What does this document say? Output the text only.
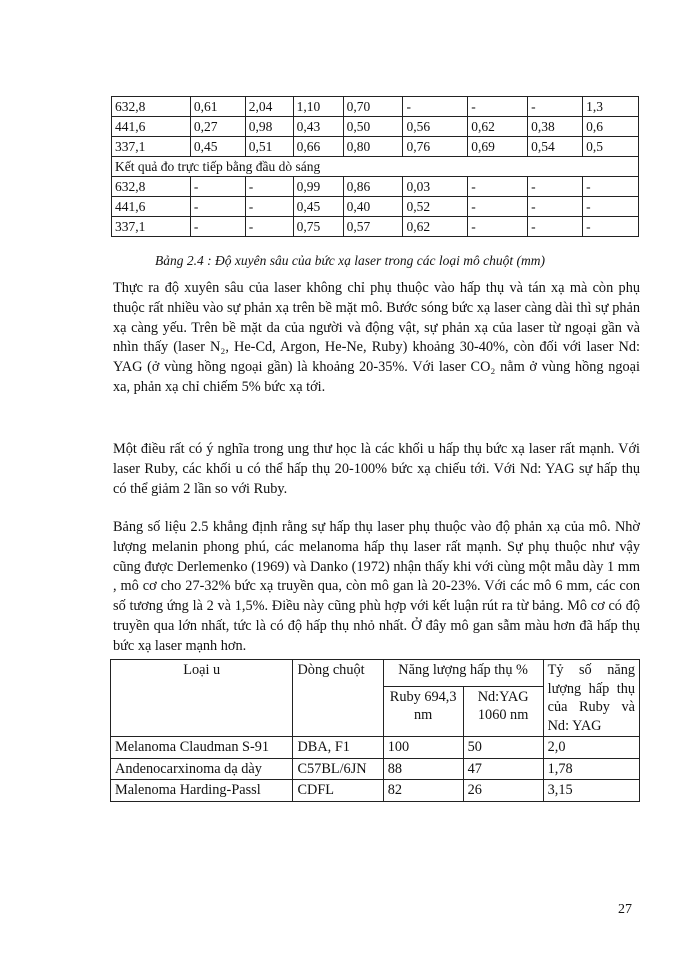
632,8	0,61	2,04	1,10	0,70	-	-	-	1,3
441,6	0,27	0,98	0,43	0,50	0,56	0,62	0,38	0,6
337,1	0,45	0,51	0,66	0,80	0,76	0,69	0,54	0,5
Kết quả đo trực tiếp bằng đầu dò sáng								
632,8	-	-	0,99	0,86	0,03	-	-	-
441,6	-	-	0,45	0,40	0,52	-	-	-
337,1	-	-	0,75	0,57	0,62	-	-	-
Bảng 2.4 : Độ xuyên sâu của bức xạ laser trong các loại mô chuột (mm)

Thực ra độ xuyên sâu của laser không chỉ phụ thuộc vào hấp thụ và tán xạ mà còn phụ thuộc rất nhiều vào sự phản xạ trên bề mặt mô. Bước sóng bức xạ laser càng dài thì sự phản xạ càng yếu. Trên bề mặt da của người và động vật, sự phản xạ của laser từ ngoại gần và nhìn thấy (laser N₂, He-Cd, Argon, He-Ne, Ruby) khoảng 30-40%, còn đối với laser Nd: YAG (ở vùng hồng ngoại gần) là khoảng 20-35%. Với laser CO₂ nằm ở vùng hồng ngoại xa, phản xạ chỉ chiếm 5% bức xạ tới.

Một điều rất có ý nghĩa trong ung thư học là các khối u hấp thụ bức xạ laser rất mạnh. Với laser Ruby, các khối u có thể hấp thụ 20-100% bức xạ chiếu tới. Với Nd: YAG sự hấp thụ có thể giảm 2 lần so với Ruby.

Bảng số liệu 2.5 khẳng định rằng sự hấp thụ laser phụ thuộc vào độ phản xạ của mô. Nhờ lượng melanin phong phú, các melanoma hấp thụ laser rất mạnh. Sự phụ thuộc như vậy cũng được Derlemenko (1969) và Danko (1972) nhận thấy khi với cùng một mẫu dày 1 mm , mô cơ cho 27-32% bức xạ truyền qua, còn mô gan là 20-23%. Với các mô 6 mm, các con số tương ứng là 2 và 1,5%. Điều này cũng phù hợp với kết luận rút ra từ bảng. Mô cơ có độ truyền qua lớn nhất, tức là có độ hấp thụ nhỏ nhất. Ở đây mô gan sẫm màu hơn đã hấp thụ bức xạ laser mạnh hơn.

Loại u	Dòng chuột	Năng lượng hấp thụ %		Tỷ số năng lượng hấp thụ của Ruby và Nd: YAG
		Ruby 694,3 nm	Nd:YAG 1060 nm	
Melanoma Claudman S-91	DBA, F1	100	50	2,0
Andenocarxinoma dạ dày	C57BL/6JN	88	47	1,78
Malenoma Harding-Passl	CDFL	82	26	3,15
27
